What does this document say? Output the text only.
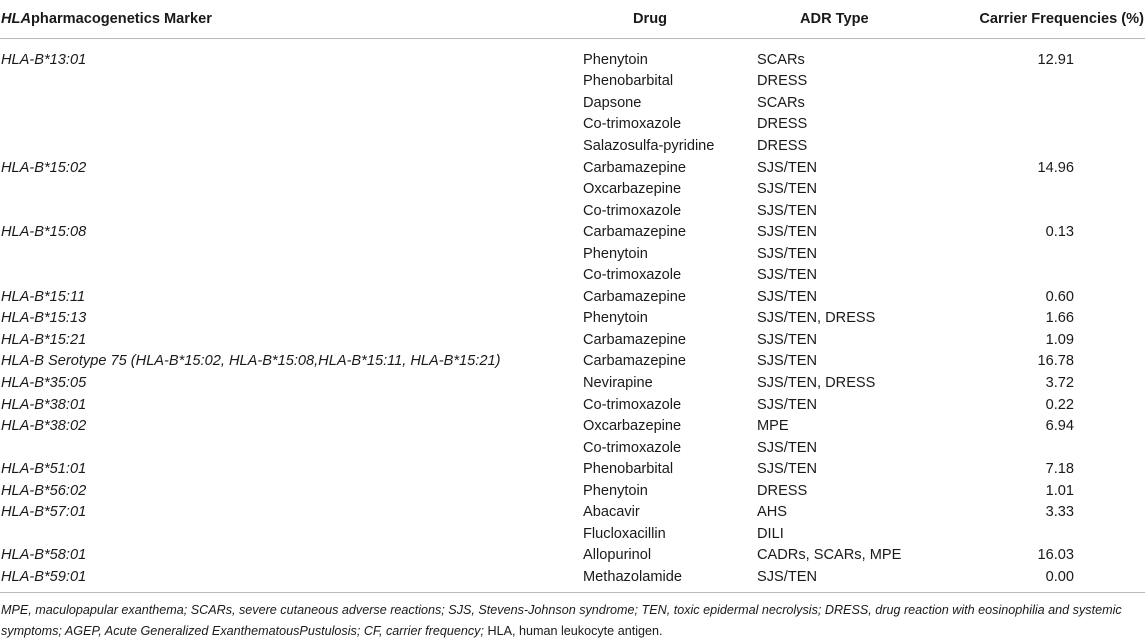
HLApharmacogenetics Marker	Drug	ADR Type	Carrier Frequencies (%)
HLA-B*13:01	Phenytoin	SCARs	12.91
	Phenobarbital	DRESS	
	Dapsone	SCARs	
	Co-trimoxazole	DRESS	
	Salazosulfa-pyridine	DRESS	
HLA-B*15:02	Carbamazepine	SJS/TEN	14.96
	Oxcarbazepine	SJS/TEN	
	Co-trimoxazole	SJS/TEN	
HLA-B*15:08	Carbamazepine	SJS/TEN	0.13
	Phenytoin	SJS/TEN	
	Co-trimoxazole	SJS/TEN	
HLA-B*15:11	Carbamazepine	SJS/TEN	0.60
HLA-B*15:13	Phenytoin	SJS/TEN, DRESS	1.66
HLA-B*15:21	Carbamazepine	SJS/TEN	1.09
HLA-B Serotype 75 (HLA-B*15:02, HLA-B*15:08,HLA-B*15:11, HLA-B*15:21)	Carbamazepine	SJS/TEN	16.78
HLA-B*35:05	Nevirapine	SJS/TEN, DRESS	3.72
HLA-B*38:01	Co-trimoxazole	SJS/TEN	0.22
HLA-B*38:02	Oxcarbazepine	MPE	6.94
	Co-trimoxazole	SJS/TEN	
HLA-B*51:01	Phenobarbital	SJS/TEN	7.18
HLA-B*56:02	Phenytoin	DRESS	1.01
HLA-B*57:01	Abacavir	AHS	3.33
	Flucloxacillin	DILI	
HLA-B*58:01	Allopurinol	CADRs, SCARs, MPE	16.03
HLA-B*59:01	Methazolamide	SJS/TEN	0.00

MPE, maculopapular exanthema; SCARs, severe cutaneous adverse reactions; SJS, Stevens-Johnson syndrome; TEN, toxic epidermal necrolysis; DRESS, drug reaction with eosinophilia and systemic symptoms; AGEP, Acute Generalized ExanthematousPustulosis; CF, carrier frequency; HLA, human leukocyte antigen.
